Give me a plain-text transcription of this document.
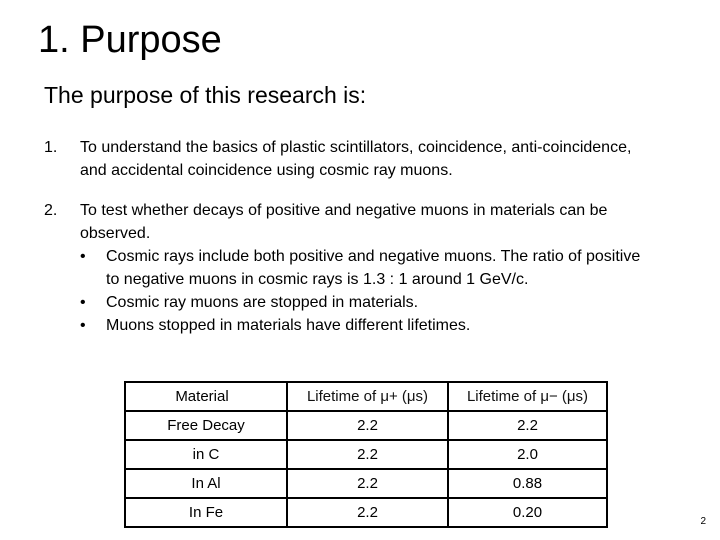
1. Purpose
The purpose of this research is:
1. To understand the basics of plastic scintillators, coincidence, anti-coincidence, and accidental coincidence using cosmic ray muons.
2. To test whether decays of positive and negative muons in materials can be observed.
• Cosmic rays include both positive and negative muons. The ratio of positive to negative muons in cosmic rays is 1.3 : 1 around 1 GeV/c.
• Cosmic ray muons are stopped in materials.
• Muons stopped in materials have different lifetimes.
Material	Lifetime of μ+ (μs)	Lifetime of μ− (μs)
Free Decay	2.2	2.2
in C	2.2	2.0
In Al	2.2	0.88
In Fe	2.2	0.20
2
